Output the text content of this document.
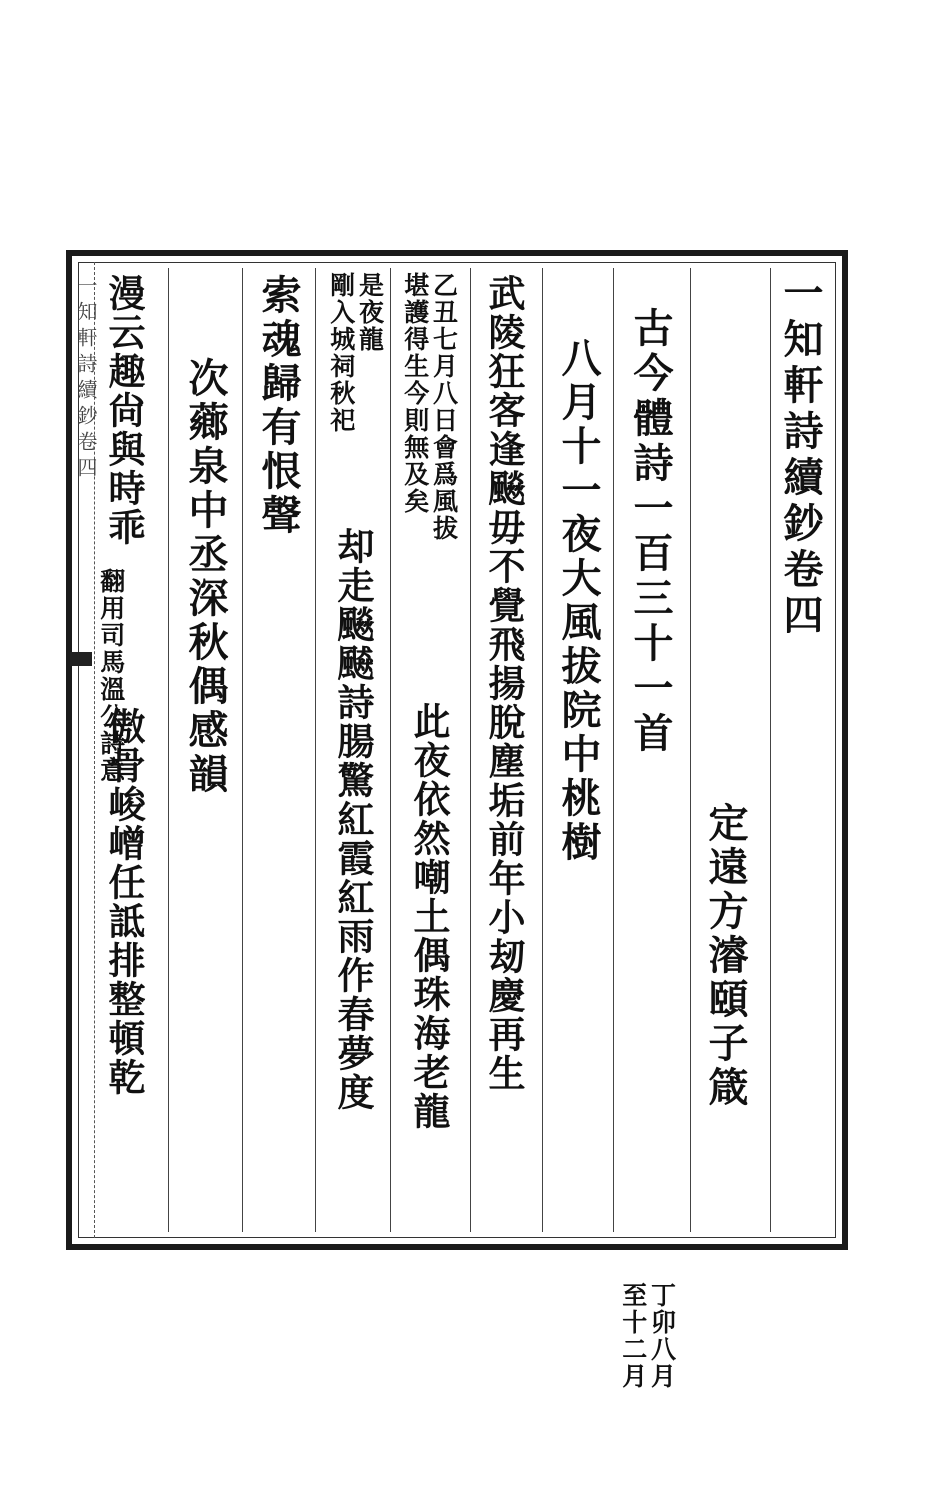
一知軒詩續鈔卷四	一知軒詩續鈔卷四
定遠方濬頤子箴
古今體詩一百三十一首
丁卯八月
至十二月
八月十一夜大風拔院中桃樹
武陵狂客逢飈毋不覺飛揚脫塵垢前年小刼慶再生
乙丑七月八日會爲風拔
堪護得生今則無及矣
此夜依然嘲土偶珠海老龍
是夜龍
剛入城祠秋祀
却走飈飇詩腸驚紅霞紅雨作春夢度
索魂歸有恨聲
次薌泉中丞深秋偶感韻
漫云趣尙與時乖
翻用司馬溫公詩意
傲骨峻嶒任詆排整頓乾
